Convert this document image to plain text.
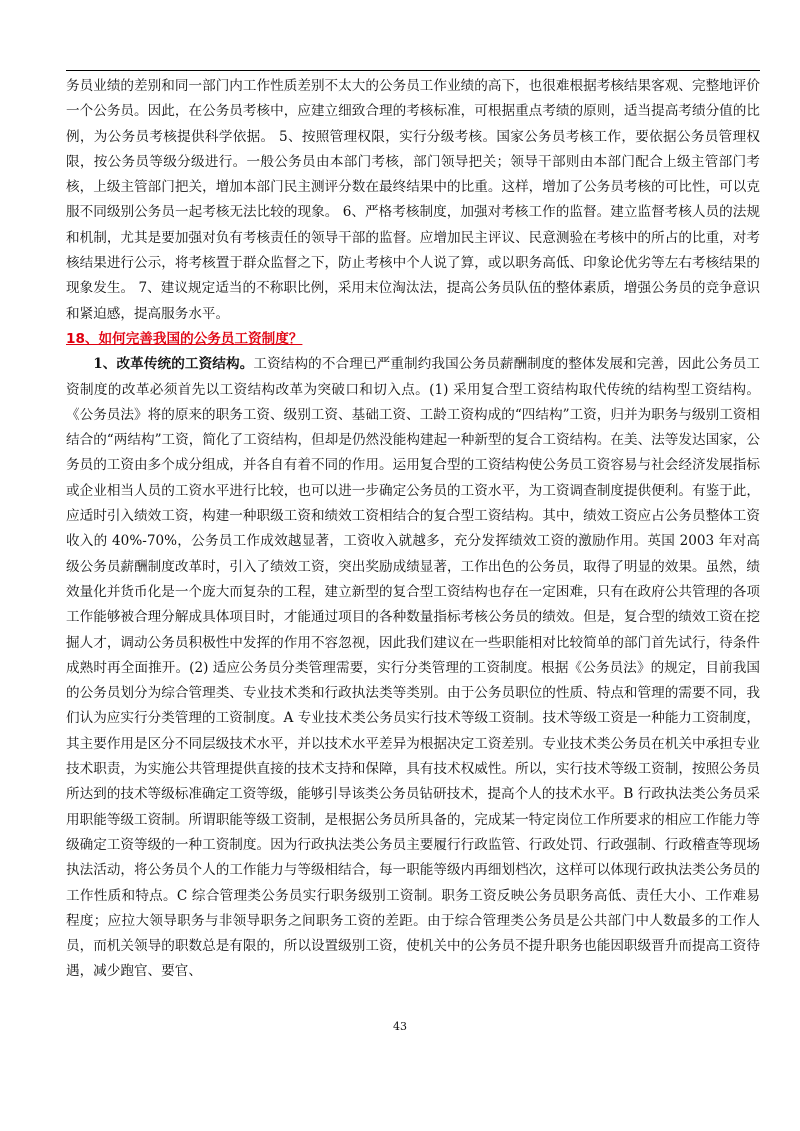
务员业绩的差别和同一部门内工作性质差别不太大的公务员工作业绩的高下，也很难根据考核结果客观、完整地评价一个公务员。因此，在公务员考核中，应建立细致合理的考核标准，可根据重点考绩的原则，适当提高考绩分值的比例，为公务员考核提供科学依据。 5、按照管理权限，实行分级考核。国家公务员考核工作，要依据公务员管理权限，按公务员等级分级进行。一般公务员由本部门考核，部门领导把关；领导干部则由本部门配合上级主管部门考核，上级主管部门把关，增加本部门民主测评分数在最终结果中的比重。这样，增加了公务员考核的可比性，可以克服不同级别公务员一起考核无法比较的现象。 6、严格考核制度，加强对考核工作的监督。建立监督考核人员的法规和机制，尤其是要加强对负有考核责任的领导干部的监督。应增加民主评议、民意测验在考核中的所占的比重，对考核结果进行公示，将考核置于群众监督之下，防止考核中个人说了算，或以职务高低、印象论优劣等左右考核结果的现象发生。 7、建议规定适当的不称职比例，采用末位淘汰法，提高公务员队伍的整体素质，增强公务员的竞争意识和紧迫感，提高服务水平。

18、如何完善我国的公务员工资制度？

1、改革传统的工资结构。工资结构的不合理已严重制约我国公务员薪酬制度的整体发展和完善，因此公务员工资制度的改革必须首先以工资结构改革为突破口和切入点。(1) 采用复合型工资结构取代传统的结构型工资结构。《公务员法》将的原来的职务工资、级别工资、基础工资、工龄工资构成的“四结构”工资，归并为职务与级别工资相结合的“两结构”工资，简化了工资结构，但却是仍然没能构建起一种新型的复合工资结构。在美、法等发达国家，公务员的工资由多个成分组成，并各自有着不同的作用。运用复合型的工资结构使公务员工资容易与社会经济发展指标或企业相当人员的工资水平进行比较，也可以进一步确定公务员的工资水平，为工资调查制度提供便利。有鉴于此，应适时引入绩效工资，构建一种职级工资和绩效工资相结合的复合型工资结构。其中，绩效工资应占公务员整体工资收入的 40%-70%，公务员工作成效越显著，工资收入就越多，充分发挥绩效工资的激励作用。英国 2003 年对高级公务员薪酬制度改革时，引入了绩效工资，突出奖励成绩显著，工作出色的公务员，取得了明显的效果。虽然，绩效量化并货币化是一个庞大而复杂的工程，建立新型的复合型工资结构也存在一定困难，只有在政府公共管理的各项工作能够被合理分解成具体项目时，才能通过项目的各种数量指标考核公务员的绩效。但是，复合型的绩效工资在挖掘人才，调动公务员积极性中发挥的作用不容忽视，因此我们建议在一些职能相对比较简单的部门首先试行，待条件成熟时再全面推开。(2) 适应公务员分类管理需要，实行分类管理的工资制度。根据《公务员法》的规定，目前我国的公务员划分为综合管理类、专业技术类和行政执法类等类别。由于公务员职位的性质、特点和管理的需要不同，我们认为应实行分类管理的工资制度。A 专业技术类公务员实行技术等级工资制。技术等级工资是一种能力工资制度，其主要作用是区分不同层级技术水平，并以技术水平差异为根据决定工资差别。专业技术类公务员在机关中承担专业技术职责，为实施公共管理提供直接的技术支持和保障，具有技术权威性。所以，实行技术等级工资制，按照公务员所达到的技术等级标准确定工资等级，能够引导该类公务员钻研技术，提高个人的技术水平。B 行政执法类公务员采用职能等级工资制。所谓职能等级工资制，是根据公务员所具备的，完成某一特定岗位工作所要求的相应工作能力等级确定工资等级的一种工资制度。因为行政执法类公务员主要履行行政监管、行政处罚、行政强制、行政稽查等现场执法活动，将公务员个人的工作能力与等级相结合，每一职能等级内再细划档次，这样可以体现行政执法类公务员的工作性质和特点。C 综合管理类公务员实行职务级别工资制。职务工资反映公务员职务高低、责任大小、工作难易程度；应拉大领导职务与非领导职务之间职务工资的差距。由于综合管理类公务员是公共部门中人数最多的工作人员，而机关领导的职数总是有限的，所以设置级别工资，使机关中的公务员不提升职务也能因职级晋升而提高工资待遇，减少跑官、要官、

43
